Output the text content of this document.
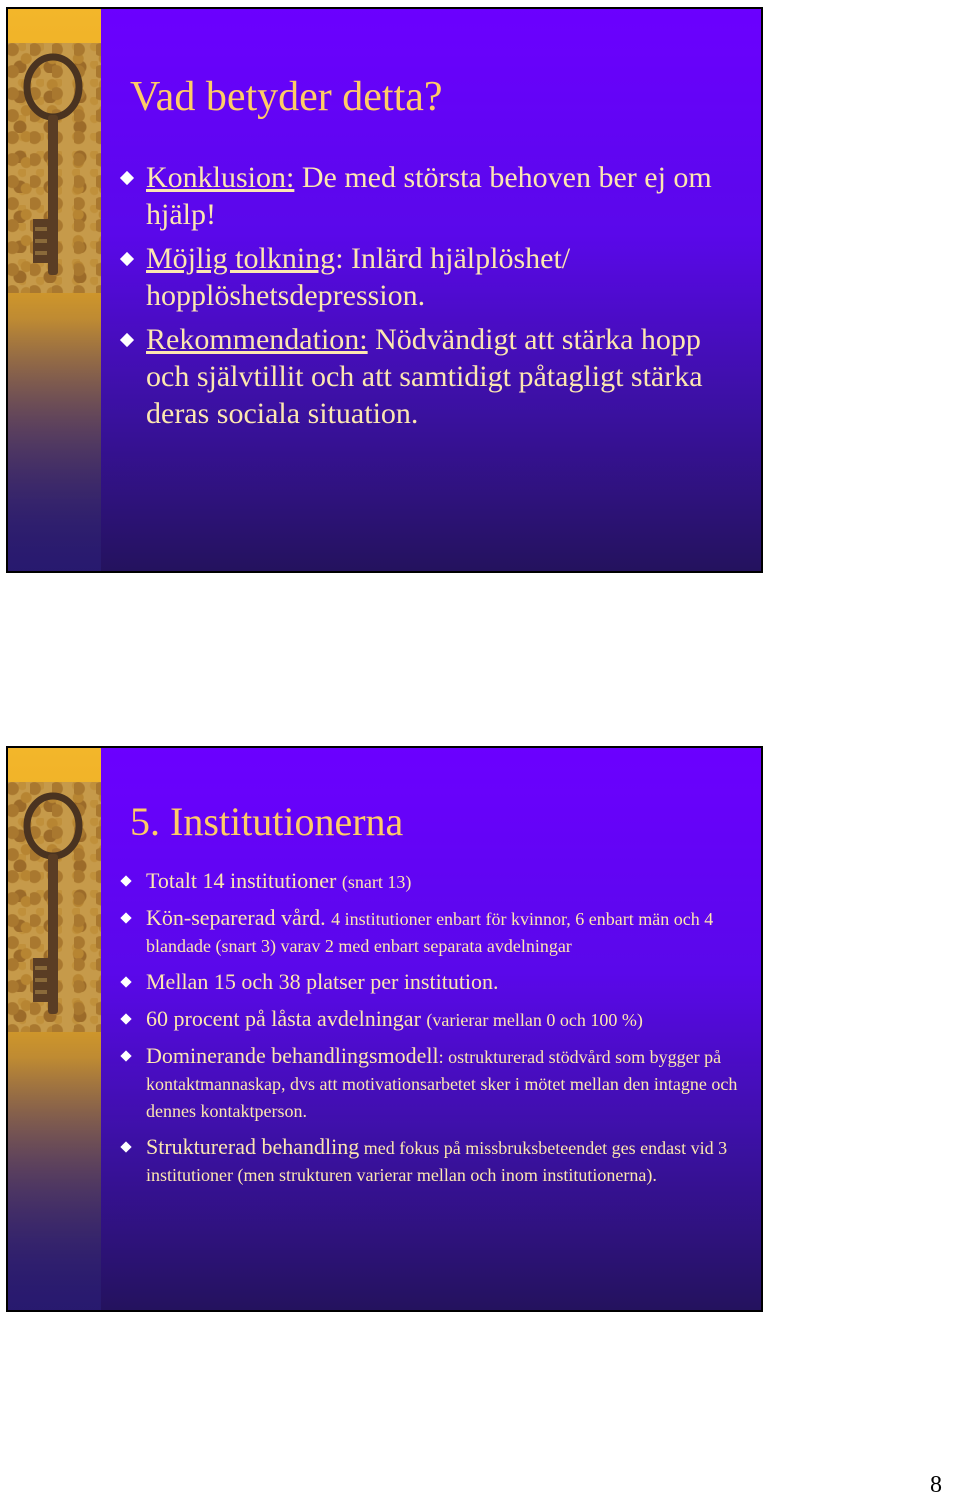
Vad betyder detta?
Konklusion: De med största behoven ber ej om hjälp!
Möjlig tolkning: Inlärd hjälplöshet/ hopplöshetsdepression.
Rekommendation: Nödvändigt att stärka hopp och självtillit och att samtidigt påtagligt stärka deras sociala situation.
5. Institutionerna
Totalt 14 institutioner (snart 13)
Kön-separerad vård. 4 institutioner enbart för kvinnor, 6 enbart män och 4 blandade (snart 3) varav 2 med enbart separata avdelningar
Mellan 15 och 38 platser per institution.
60 procent på låsta avdelningar (varierar mellan 0 och 100 %)
Dominerande behandlingsmodell: ostrukturerad stödvård som bygger på kontaktmannaskap, dvs att motivationsarbetet sker i mötet mellan den intagne och dennes kontaktperson.
Strukturerad behandling med fokus på missbruksbeteendet ges endast vid 3 institutioner (men strukturen varierar mellan och inom institutionerna).
8
